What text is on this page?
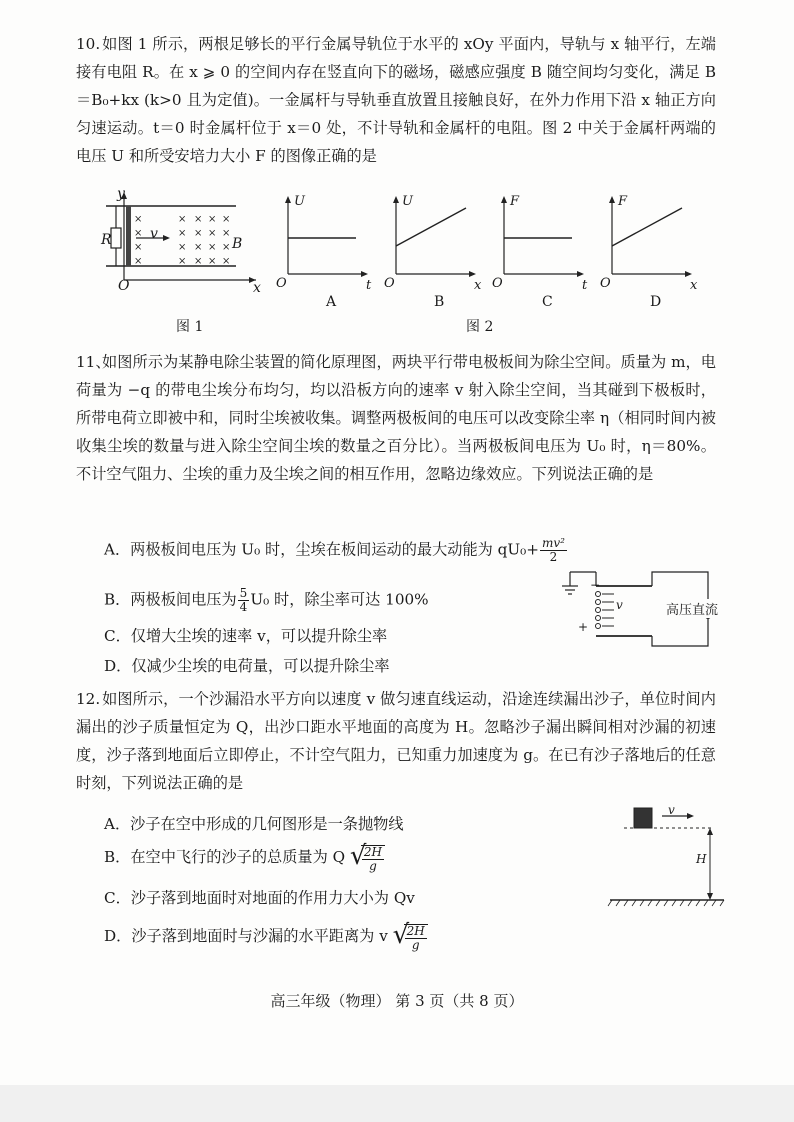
10. 如图 1 所示，两根足够长的平行金属导轨位于水平的 xOy 平面内，导轨与 x 轴平行，左端接有电阻 R。在 x ⩾ 0 的空间内存在竖直向下的磁场，磁感应强度 B 随空间均匀变化，满足 B＝B₀+kx (k>0 且为定值)。一金属杆与导轨垂直放置且接触良好，在外力作用下沿 x 轴正方向匀速运动。t＝0 时金属杆位于 x＝0 处，不计导轨和金属杆的电阻。图 2 中关于金属杆两端的电压 U 和所受安培力大小 F 的图像正确的是
×
×
×
×
×
×
×
×
×
×
×
×
×
×
×
×
×
×
×
×
y
R	v
B
O	x
图 1
U
O	t
A
U
O	x
B
F
O	t
C
F
O	x
D
图 2
11、如图所示为某静电除尘装置的简化原理图，两块平行带电极板间为除尘空间。质量为 m，电荷量为 −q 的带电尘埃分布均匀，均以沿板方向的速率 v 射入除尘空间，当其碰到下极板时，所带电荷立即被中和，同时尘埃被收集。调整两极板间的电压可以改变除尘率 η（相同时间内被收集尘埃的数量与进入除尘空间尘埃的数量之百分比）。当两极板间电压为 U₀ 时，η＝80%。不计空气阻力、尘埃的重力及尘埃之间的相互作用，忽略边缘效应。下列说法正确的是
A．两极板间电压为 U₀ 时，尘埃在板间运动的最大动能为 $qU_0+ \frac{\text{mv²}}{2}$
B．两极板间电压为 $\frac{5}{4} U_0$ 时，除尘率可达 100%
C．仅增大尘埃的速率 v，可以提升除尘率
D．仅减少尘埃的电荷量，可以提升除尘率
−
+
v	高压直流
12. 如图所示，一个沙漏沿水平方向以速度 v 做匀速直线运动，沿途连续漏出沙子，单位时间内漏出的沙子质量恒定为 Q，出沙口距水平地面的高度为 H。忽略沙子漏出瞬间相对沙漏的初速度，沙子落到地面后立即停止，不计空气阻力，已知重力加速度为 g。在已有沙子落地后的任意时刻，下列说法正确的是
A．沙子在空中形成的几何图形是一条抛物线
B．在空中飞行的沙子的总质量为 Q √
$\frac{2H}{g}$
C．沙子落到地面时对地面的作用力大小为 Qv
D．沙子落到地面时与沙漏的水平距离为 v √
$\frac{2H}{g}$
v
H
高三年级（物理） 第 3 页（共 8 页）
